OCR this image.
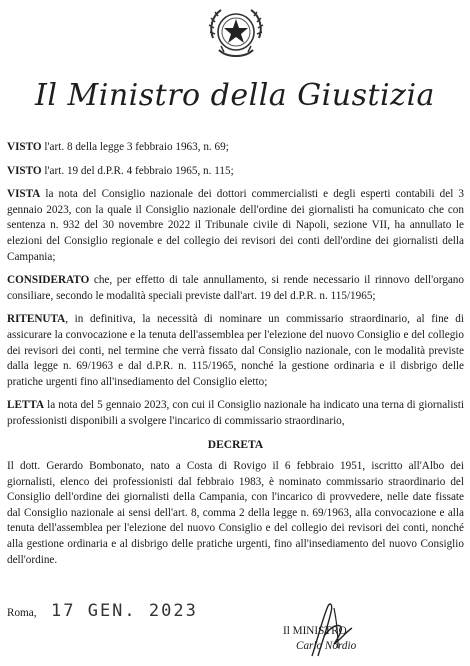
Il Ministro della Giustizia

VISTO l'art. 8 della legge 3 febbraio 1963, n. 69;

VISTO l'art. 19 del d.P.R. 4 febbraio 1965, n. 115;

VISTA la nota del Consiglio nazionale dei dottori commercialisti e degli esperti contabili del 3 gennaio 2023, con la quale il Consiglio nazionale dell'ordine dei giornalisti ha comunicato che con sentenza n. 932 del 30 novembre 2022 il Tribunale civile di Napoli, sezione VII, ha annullato le elezioni del Consiglio regionale e del collegio dei revisori dei conti dell'ordine dei giornalisti della Campania;

CONSIDERATO che, per effetto di tale annullamento, si rende necessario il rinnovo dell'organo consiliare, secondo le modalità speciali previste dall'art. 19 del d.P.R. n. 115/1965;

RITENUTA, in definitiva, la necessità di nominare un commissario straordinario, al fine di assicurare la convocazione e la tenuta dell'assemblea per l'elezione del nuovo Consiglio e del collegio dei revisori dei conti, nel termine che verrà fissato dal Consiglio nazionale, con le modalità previste dalla legge n. 69/1963 e dal d.P.R. n. 115/1965, nonché la gestione ordinaria e il disbrigo delle pratiche urgenti fino all'insediamento del Consiglio eletto;

LETTA la nota del 5 gennaio 2023, con cui il Consiglio nazionale ha indicato una terna di giornalisti professionisti disponibili a svolgere l'incarico di commissario straordinario,

DECRETA

Il dott. Gerardo Bombonato, nato a Costa di Rovigo il 6 febbraio 1951, iscritto all'Albo dei giornalisti, elenco dei professionisti dal febbraio 1983, è nominato commissario straordinario del Consiglio dell'ordine dei giornalisti della Campania, con l'incarico di provvedere, nelle date fissate dal Consiglio nazionale ai sensi dell'art. 8, comma 2 della legge n. 69/1963, alla convocazione e alla tenuta dell'assemblea per l'elezione del nuovo Consiglio e del collegio dei revisori dei conti, nonché alla gestione ordinaria e al disbrigo delle pratiche urgenti, fino all'insediamento del nuovo Consiglio dell'ordine.

Roma, 17 GEN. 2023
Il MINISTRO
Carlo Nordio
